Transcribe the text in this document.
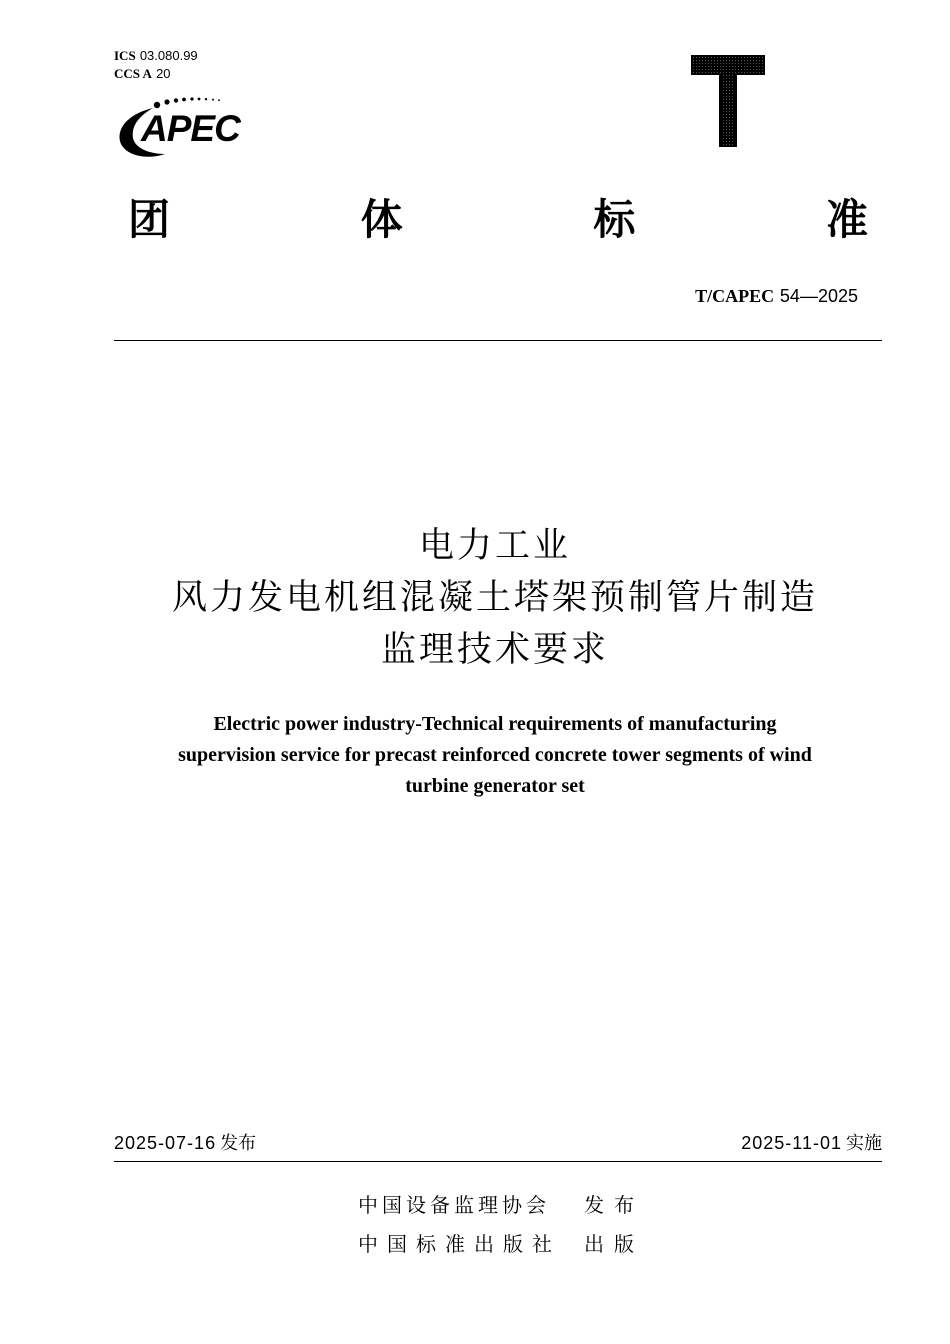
ICS 03.080.99
CCS A 20
APEC
团	体	标	准
T/CAPEC 54—2025
电力工业
风力发电机组混凝土塔架预制管片制造
监理技术要求
Electric power industry-Technical requirements of manufacturing
supervision service for precast reinforced concrete tower segments of wind
turbine generator set
2025-07-16 发布	2025-11-01 实施
中国设备监理协会 发布
中国标准出版社 出版
